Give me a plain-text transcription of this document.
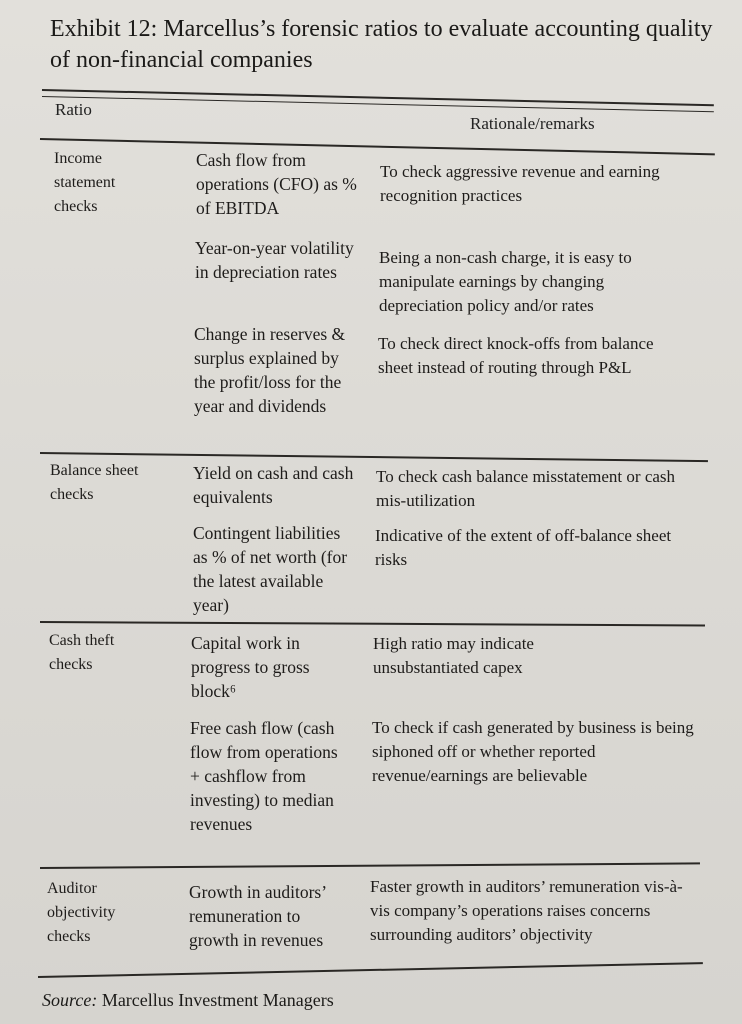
Exhibit 12: Marcellus’s forensic ratios to evaluate accounting quality of non-financial companies
Ratio
Rationale/remarks
Income statement checks
Cash flow from operations (CFO) as % of EBITDA
To check aggressive revenue and earning recognition practices
Year-on-year volatility in depreciation rates
Being a non-cash charge, it is easy to manipulate earnings by changing depreciation policy and/or rates
Change in reserves & surplus explained by the profit/loss for the year and dividends
To check direct knock-offs from balance sheet instead of routing through P&L
Balance sheet checks
Yield on cash and cash equivalents
To check cash balance misstatement or cash mis-utilization
Contingent liabilities as % of net worth (for the latest available year)
Indicative of the extent of off-balance sheet risks
Cash theft checks
Capital work in progress to gross block⁶
High ratio may indicate unsubstantiated capex
Free cash flow (cash flow from operations + cashflow from investing) to median revenues
To check if cash generated by business is being siphoned off or whether reported revenue/earnings are believable
Auditor objectivity checks
Growth in auditors’ remuneration to growth in revenues
Faster growth in auditors’ remuneration vis-à-vis company’s operations raises concerns surrounding auditors’ objectivity
Source: Marcellus Investment Managers
